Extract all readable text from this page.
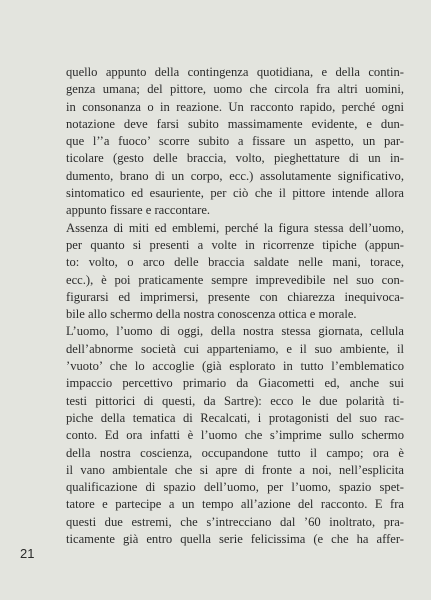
quello appunto della contingenza quotidiana, e della contin-
genza umana; del pittore, uomo che circola fra altri uomini,
in consonanza o in reazione. Un racconto rapido, perché ogni
notazione deve farsi subito massimamente evidente, e dun-
que l’’a fuoco’ scorre subito a fissare un aspetto, un par-
ticolare (gesto delle braccia, volto, pieghettature di un in-
dumento, brano di un corpo, ecc.) assolutamente significativo,
sintomatico ed esauriente, per ciò che il pittore intende allora
appunto fissare e raccontare.
Assenza di miti ed emblemi, perché la figura stessa dell’uomo,
per quanto si presenti a volte in ricorrenze tipiche (appun-
to: volto, o arco delle braccia saldate nelle mani, torace,
ecc.), è poi praticamente sempre imprevedibile nel suo con-
figurarsi ed imprimersi, presente con chiarezza inequivoca-
bile allo schermo della nostra conoscenza ottica e morale.
L’uomo, l’uomo di oggi, della nostra stessa giornata, cellula
dell’abnorme società cui apparteniamo, e il suo ambiente, il
’vuoto’ che lo accoglie (già esplorato in tutto l’emblematico
impaccio percettivo primario da Giacometti ed, anche sui
testi pittorici di questi, da Sartre): ecco le due polarità ti-
piche della tematica di Recalcati, i protagonisti del suo rac-
conto. Ed ora infatti è l’uomo che s’imprime sullo schermo
della nostra coscienza, occupandone tutto il campo; ora è
il vano ambientale che si apre di fronte a noi, nell’esplicita
qualificazione di spazio dell’uomo, per l’uomo, spazio spet-
tatore e partecipe a un tempo all’azione del racconto. E fra
questi due estremi, che s’intrecciano dal ’60 inoltrato, pra-
ticamente già entro quella serie felicissima (e che ha affer-
21
